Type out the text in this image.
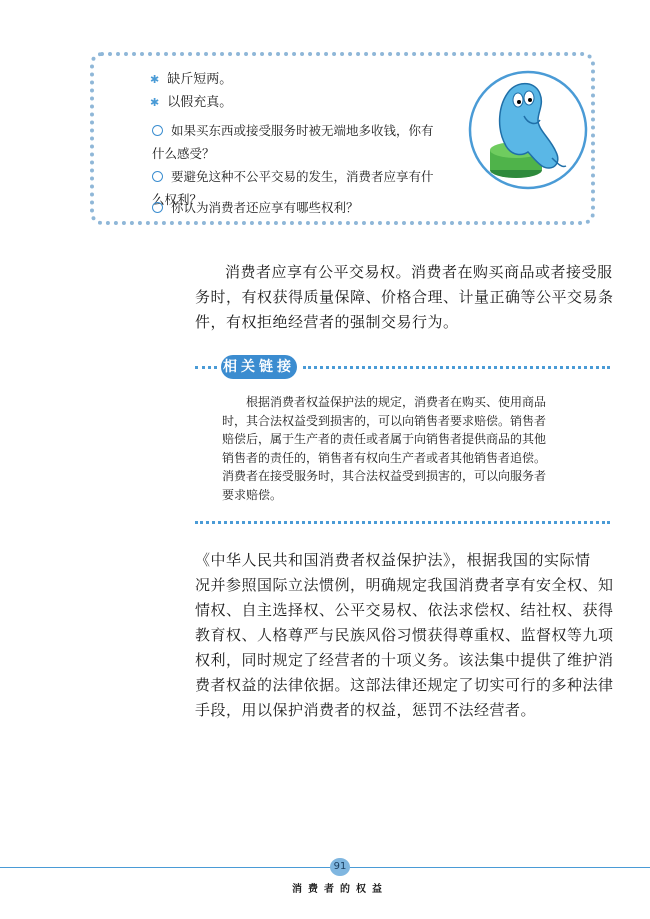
✱ 缺斤短两。
✱ 以假充真。
如果买东西或接受服务时被无端地多收钱，你有
什么感受？
要避免这种不公平交易的发生，消费者应享有什
么权利？
你认为消费者还应享有哪些权利？
消费者应享有公平交易权。消费者在购买商品或者接受服
务时，有权获得质量保障、价格合理、计量正确等公平交易条
件，有权拒绝经营者的强制交易行为。
相关链接
根据消费者权益保护法的规定，消费者在购买、使用商品
时，其合法权益受到损害的，可以向销售者要求赔偿。销售者
赔偿后，属于生产者的责任或者属于向销售者提供商品的其他
销售者的责任的，销售者有权向生产者或者其他销售者追偿。
消费者在接受服务时，其合法权益受到损害的，可以向服务者
要求赔偿。
《中华人民共和国消费者权益保护法》，根据我国的实际情
况并参照国际立法惯例，明确规定我国消费者享有安全权、知
情权、自主选择权、公平交易权、依法求偿权、结社权、获得
教育权、人格尊严与民族风俗习惯获得尊重权、监督权等九项
权利，同时规定了经营者的十项义务。该法集中提供了维护消
费者权益的法律依据。这部法律还规定了切实可行的多种法律
手段，用以保护消费者的权益，惩罚不法经营者。
91
消费者的权益
